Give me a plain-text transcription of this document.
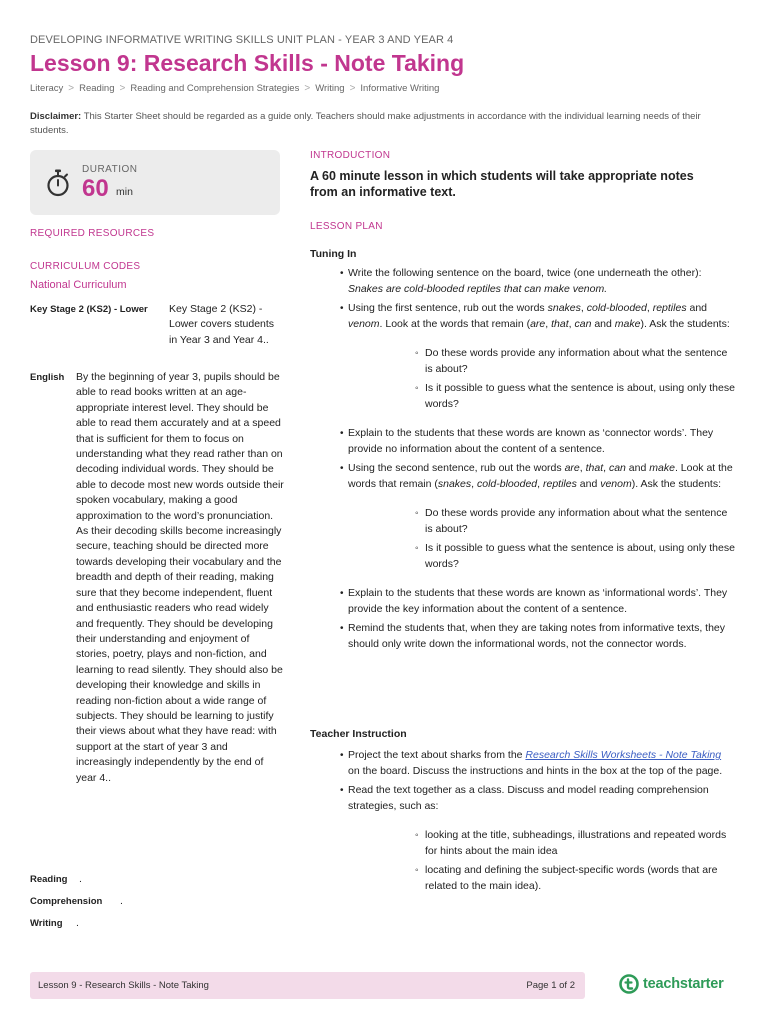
DEVELOPING INFORMATIVE WRITING SKILLS UNIT PLAN - YEAR 3 AND YEAR 4
Lesson 9: Research Skills - Note Taking
Literacy > Reading > Reading and Comprehension Strategies > Writing > Informative Writing

Disclaimer: This Starter Sheet should be regarded as a guide only. Teachers should make adjustments in accordance with the individual learning needs of their students.

DURATION
60 min
REQUIRED RESOURCES
CURRICULUM CODES
National Curriculum
Key Stage 2 (KS2) - Lower	Key Stage 2 (KS2) - Lower covers students in Year 3 and Year 4..
English	By the beginning of year 3, pupils should be able to read books written at an age-appropriate interest level. They should be able to read them accurately and at a speed that is sufficient for them to focus on understanding what they read rather than on decoding individual words. They should be able to decode most new words outside their spoken vocabulary, making a good approximation to the word’s pronunciation. As their decoding skills become increasingly secure, teaching should be directed more towards developing their vocabulary and the breadth and depth of their reading, making sure that they become independent, fluent and enthusiastic readers who read widely and frequently. They should be developing their understanding and enjoyment of stories, poetry, plays and non-fiction, and learning to read silently. They should also be developing their knowledge and skills in reading non-fiction about a wide range of subjects. They should be learning to justify their views about what they have read: with support at the start of year 3 and increasingly independently by the end of year 4..
Reading	.
Comprehension	.
Writing	.
INTRODUCTION

A 60 minute lesson in which students will take appropriate notes from an informative text.

LESSON PLAN
Tuning In
• Write the following sentence on the board, twice (one underneath the other): Snakes are cold-blooded reptiles that can make venom.
• Using the first sentence, rub out the words snakes, cold-blooded, reptiles and venom. Look at the words that remain (are, that, can and make). Ask the students:
◦ Do these words provide any information about what the sentence is about?
◦ Is it possible to guess what the sentence is about, using only these words?
• Explain to the students that these words are known as ‘connector words’. They provide no information about the content of a sentence.
• Using the second sentence, rub out the words are, that, can and make. Look at the words that remain (snakes, cold-blooded, reptiles and venom). Ask the students:
◦ Do these words provide any information about what the sentence is about?
◦ Is it possible to guess what the sentence is about, using only these words?
• Explain to the students that these words are known as ‘informational words’. They provide the key information about the content of a sentence.
• Remind the students that, when they are taking notes from informative texts, they should only write down the informational words, not the connector words.
Teacher Instruction
• Project the text about sharks from the Research Skills Worksheets - Note Taking on the board. Discuss the instructions and hints in the box at the top of the page.
• Read the text together as a class. Discuss and model reading comprehension strategies, such as:
◦ looking at the title, subheadings, illustrations and repeated words for hints about the main idea
◦ locating and defining the subject-specific words (words that are related to the main idea).
Lesson 9 - Research Skills - Note Taking	Page 1 of 2	teachstarter
